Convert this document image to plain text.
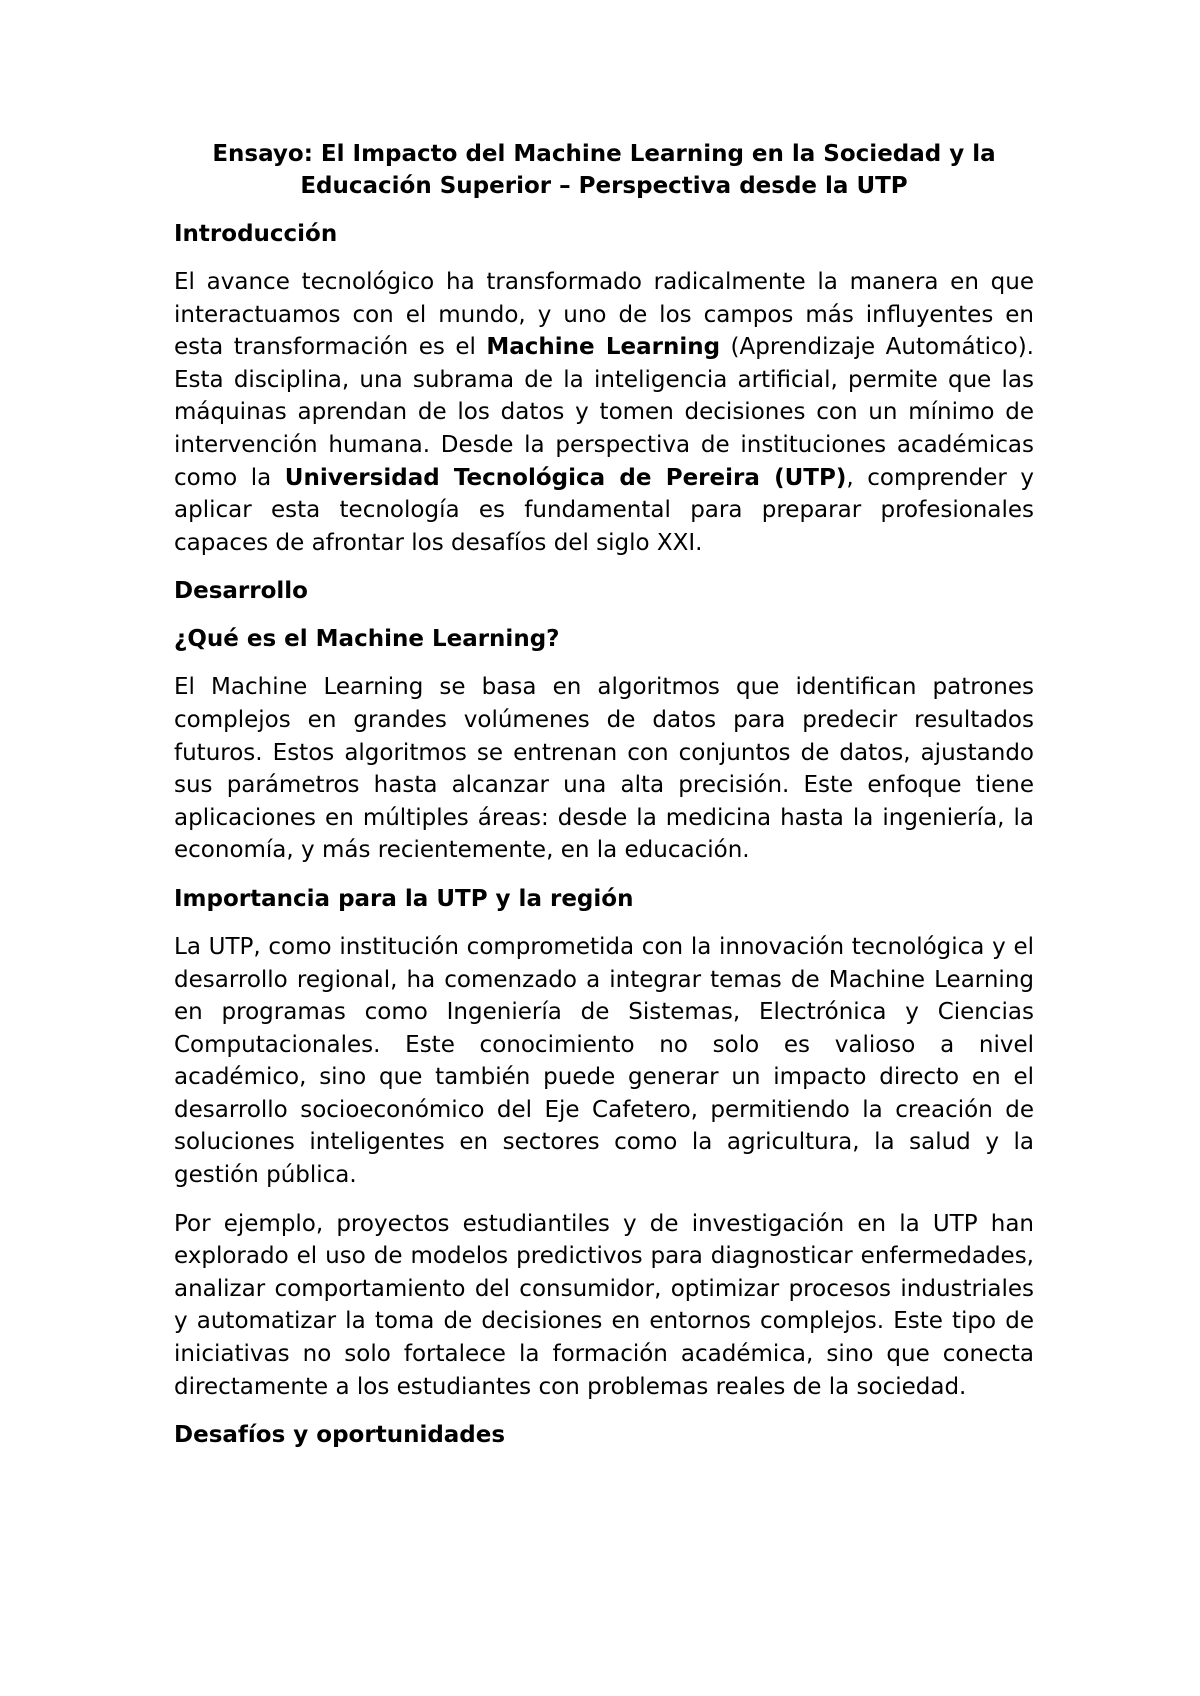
Ensayo: El Impacto del Machine Learning en la Sociedad y la Educación Superior – Perspectiva desde la UTP
Introducción

El avance tecnológico ha transformado radicalmente la manera en que interactuamos con el mundo, y uno de los campos más influyentes en esta transformación es el Machine Learning (Aprendizaje Automático). Esta disciplina, una subrama de la inteligencia artificial, permite que las máquinas aprendan de los datos y tomen decisiones con un mínimo de intervención humana. Desde la perspectiva de instituciones académicas como la Universidad Tecnológica de Pereira (UTP), comprender y aplicar esta tecnología es fundamental para preparar profesionales capaces de afrontar los desafíos del siglo XXI.

Desarrollo
¿Qué es el Machine Learning?

El Machine Learning se basa en algoritmos que identifican patrones complejos en grandes volúmenes de datos para predecir resultados futuros. Estos algoritmos se entrenan con conjuntos de datos, ajustando sus parámetros hasta alcanzar una alta precisión. Este enfoque tiene aplicaciones en múltiples áreas: desde la medicina hasta la ingeniería, la economía, y más recientemente, en la educación.

Importancia para la UTP y la región

La UTP, como institución comprometida con la innovación tecnológica y el desarrollo regional, ha comenzado a integrar temas de Machine Learning en programas como Ingeniería de Sistemas, Electrónica y Ciencias Computacionales. Este conocimiento no solo es valioso a nivel académico, sino que también puede generar un impacto directo en el desarrollo socioeconómico del Eje Cafetero, permitiendo la creación de soluciones inteligentes en sectores como la agricultura, la salud y la gestión pública.

Por ejemplo, proyectos estudiantiles y de investigación en la UTP han explorado el uso de modelos predictivos para diagnosticar enfermedades, analizar comportamiento del consumidor, optimizar procesos industriales y automatizar la toma de decisiones en entornos complejos. Este tipo de iniciativas no solo fortalece la formación académica, sino que conecta directamente a los estudiantes con problemas reales de la sociedad.

Desafíos y oportunidades
